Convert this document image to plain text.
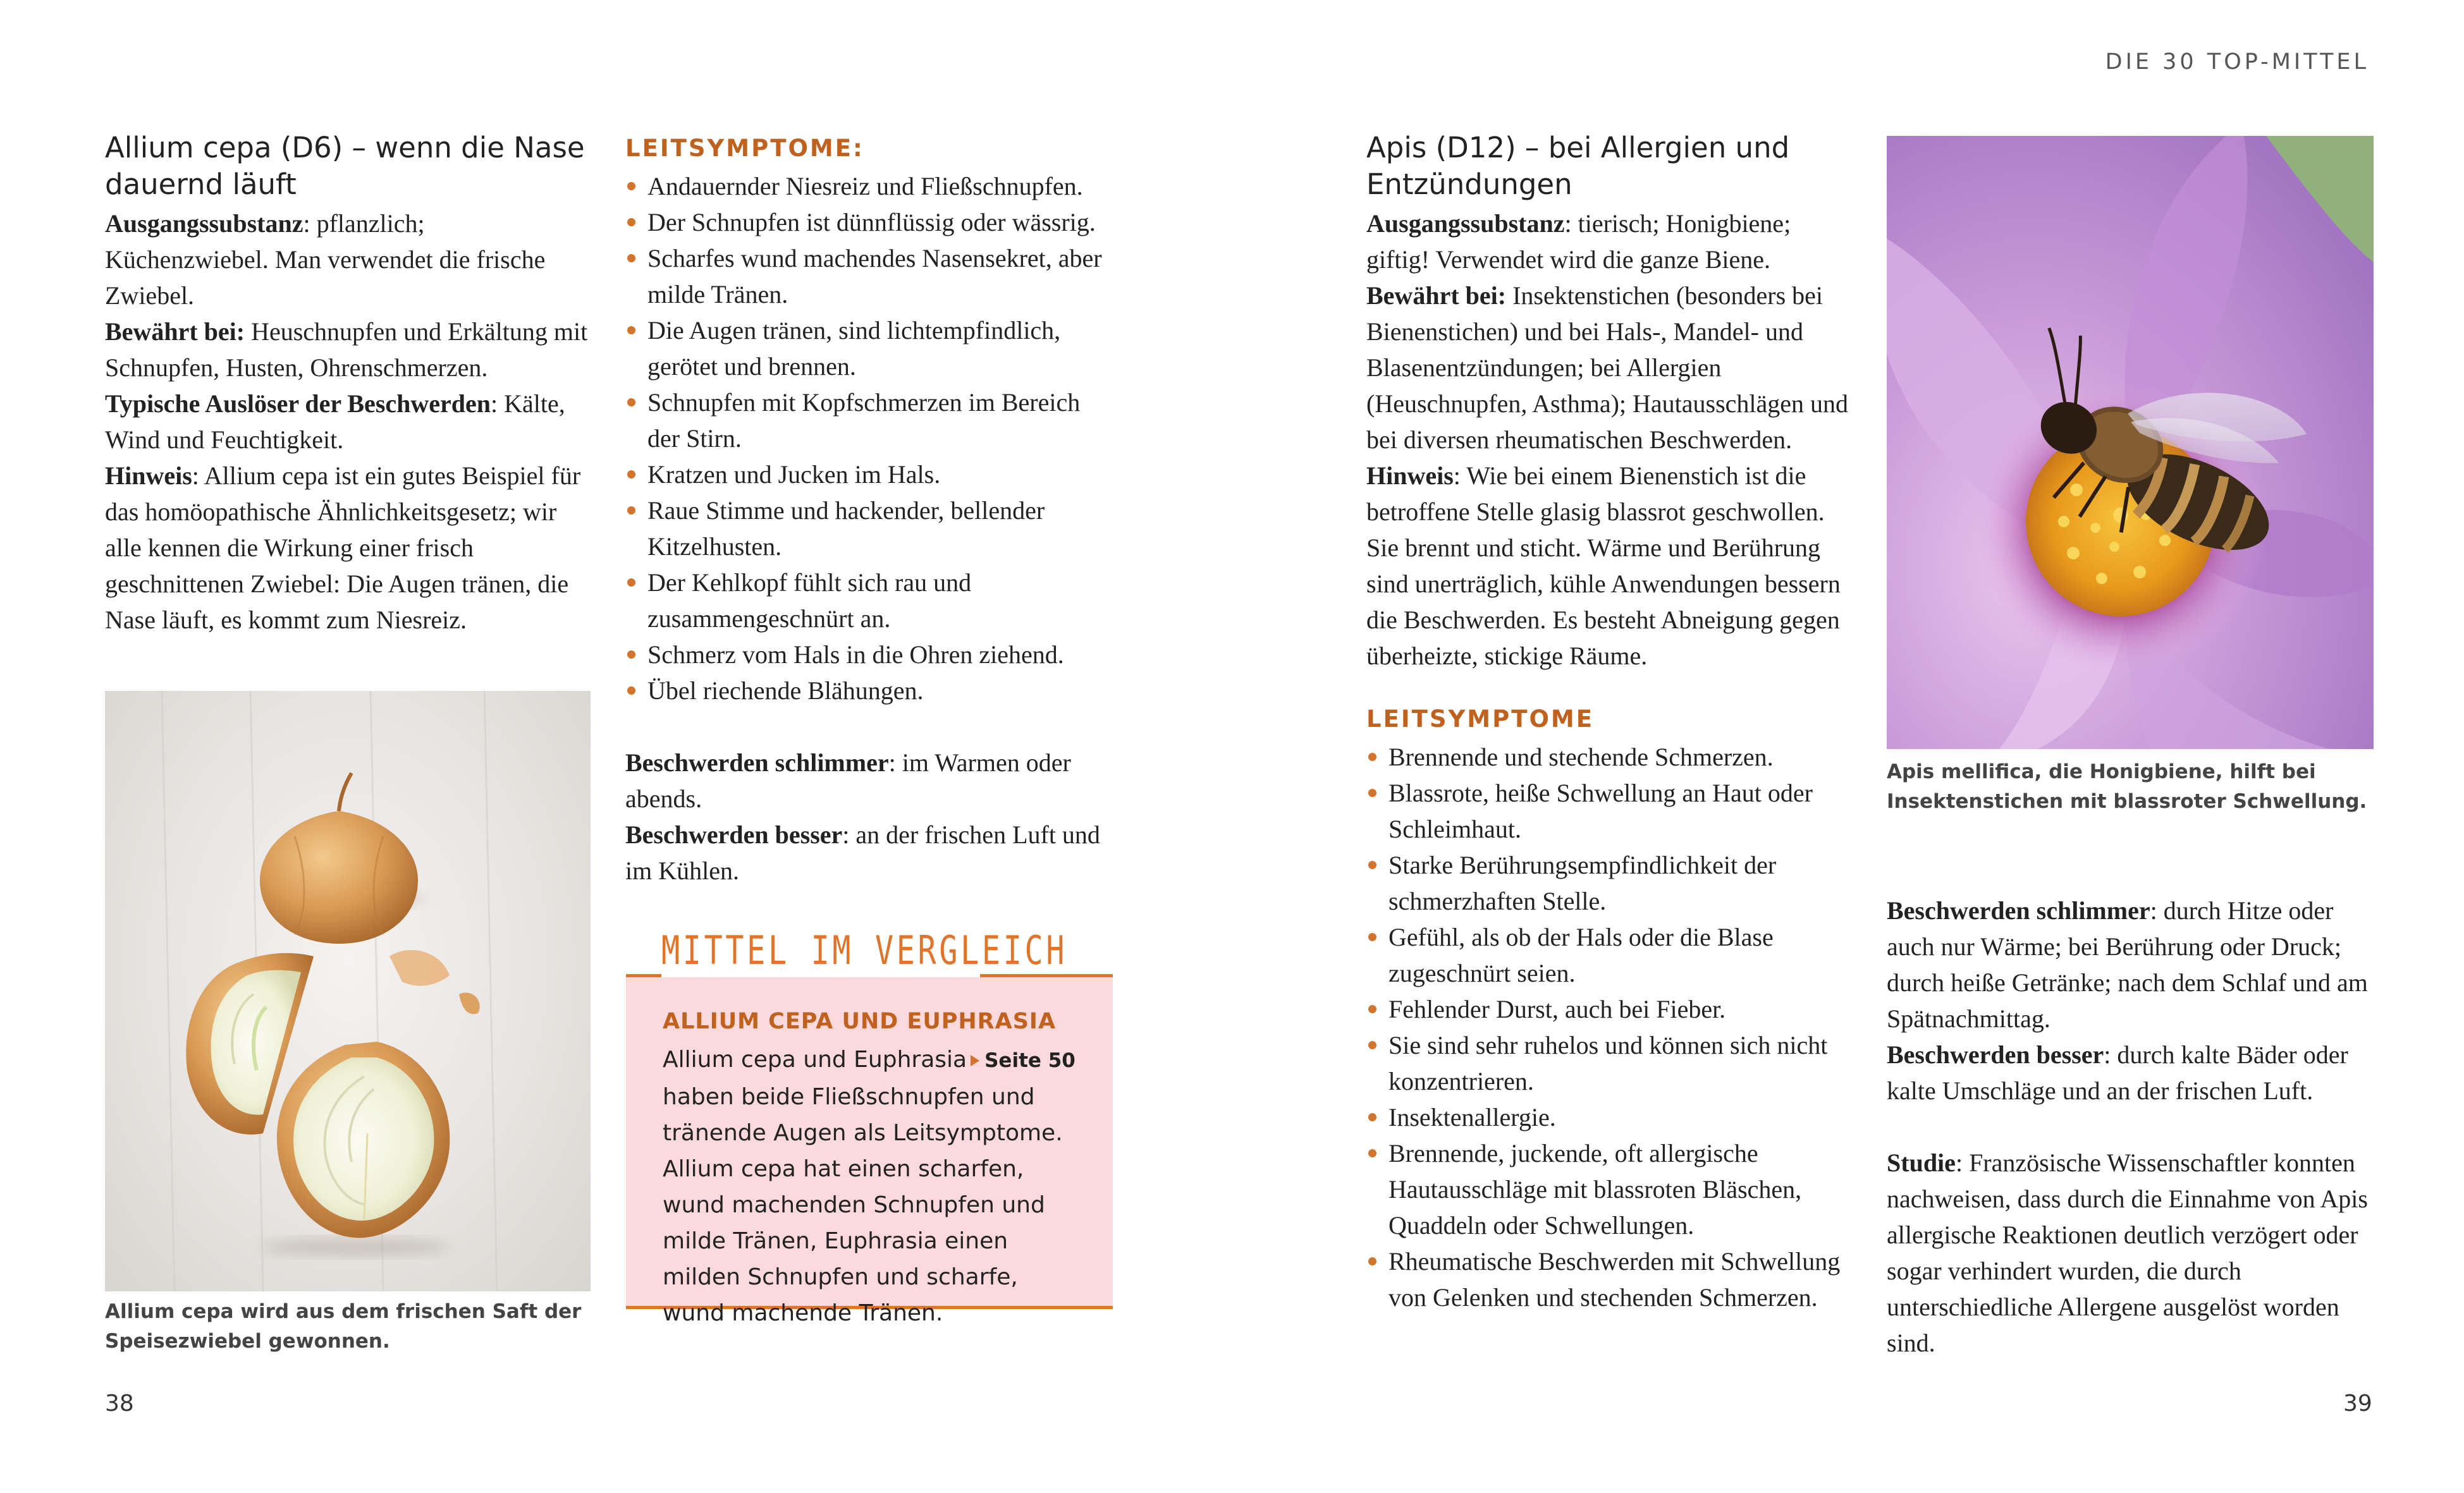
DIE 30 TOP-MITTEL
Allium cepa (D6) – wenn die Nase dauernd läuft
Ausgangssubstanz: pflanzlich; Küchenzwiebel. Man verwendet die frische Zwiebel.
Bewährt bei: Heuschnupfen und Erkältung mit Schnupfen, Husten, Ohrenschmerzen.
Typische Auslöser der Beschwerden: Kälte, Wind und Feuchtigkeit.
Hinweis: Allium cepa ist ein gutes Beispiel für das homöopathische Ähnlichkeitsgesetz; wir alle kennen die Wirkung einer frisch geschnittenen Zwiebel: Die Augen tränen, die Nase läuft, es kommt zum Niesreiz.
Allium cepa wird aus dem frischen Saft der Speisezwiebel gewonnen.
LEITSYMPTOME:
Andauernder Niesreiz und Fließschnupfen.
Der Schnupfen ist dünnflüssig oder wässrig.
Scharfes wund machendes Nasensekret, aber milde Tränen.
Die Augen tränen, sind lichtempfindlich, gerötet und brennen.
Schnupfen mit Kopfschmerzen im Bereich der Stirn.
Kratzen und Jucken im Hals.
Raue Stimme und hackender, bellender Kitzelhusten.
Der Kehlkopf fühlt sich rau und zusammengeschnürt an.
Schmerz vom Hals in die Ohren ziehend.
Übel riechende Blähungen.
Beschwerden schlimmer: im Warmen oder abends.
Beschwerden besser: an der frischen Luft und im Kühlen.
MITTEL IM VERGLEICH
ALLIUM CEPA UND EUPHRASIA
Allium cepa und Euphrasia Seite 50 haben beide Fließschnupfen und tränende Augen als Leitsymptome. Allium cepa hat einen scharfen, wund machenden Schnupfen und milde Tränen, Euphrasia einen milden Schnupfen und scharfe, wund machende Tränen.
38
Apis (D12) – bei Allergien und Entzündungen
Ausgangssubstanz: tierisch; Honigbiene; giftig! Verwendet wird die ganze Biene.
Bewährt bei: Insektenstichen (besonders bei Bienenstichen) und bei Hals-, Mandel- und Blasenentzündungen; bei Allergien (Heuschnupfen, Asthma); Hautausschlägen und bei diversen rheumatischen Beschwerden.
Hinweis: Wie bei einem Bienenstich ist die betroffene Stelle glasig blassrot geschwollen. Sie brennt und sticht. Wärme und Berührung sind unerträglich, kühle Anwendungen bessern die Beschwerden. Es besteht Abneigung gegen überheizte, stickige Räume.
LEITSYMPTOME
Brennende und stechende Schmerzen.
Blassrote, heiße Schwellung an Haut oder Schleimhaut.
Starke Berührungsempfindlichkeit der schmerzhaften Stelle.
Gefühl, als ob der Hals oder die Blase zugeschnürt seien.
Fehlender Durst, auch bei Fieber.
Sie sind sehr ruhelos und können sich nicht konzentrieren.
Insektenallergie.
Brennende, juckende, oft allergische Hautausschläge mit blassroten Bläschen, Quaddeln oder Schwellungen.
Rheumatische Beschwerden mit Schwellung von Gelenken und stechenden Schmerzen.
Apis mellifica, die Honigbiene, hilft bei Insektenstichen mit blassroter Schwellung.
Beschwerden schlimmer: durch Hitze oder auch nur Wärme; bei Berührung oder Druck; durch heiße Getränke; nach dem Schlaf und am Spätnachmittag.
Beschwerden besser: durch kalte Bäder oder kalte Umschläge und an der frischen Luft.
Studie: Französische Wissenschaftler konnten nachweisen, dass durch die Einnahme von Apis allergische Reaktionen deutlich verzögert oder sogar verhindert wurden, die durch unterschiedliche Allergene ausgelöst worden sind.
39
